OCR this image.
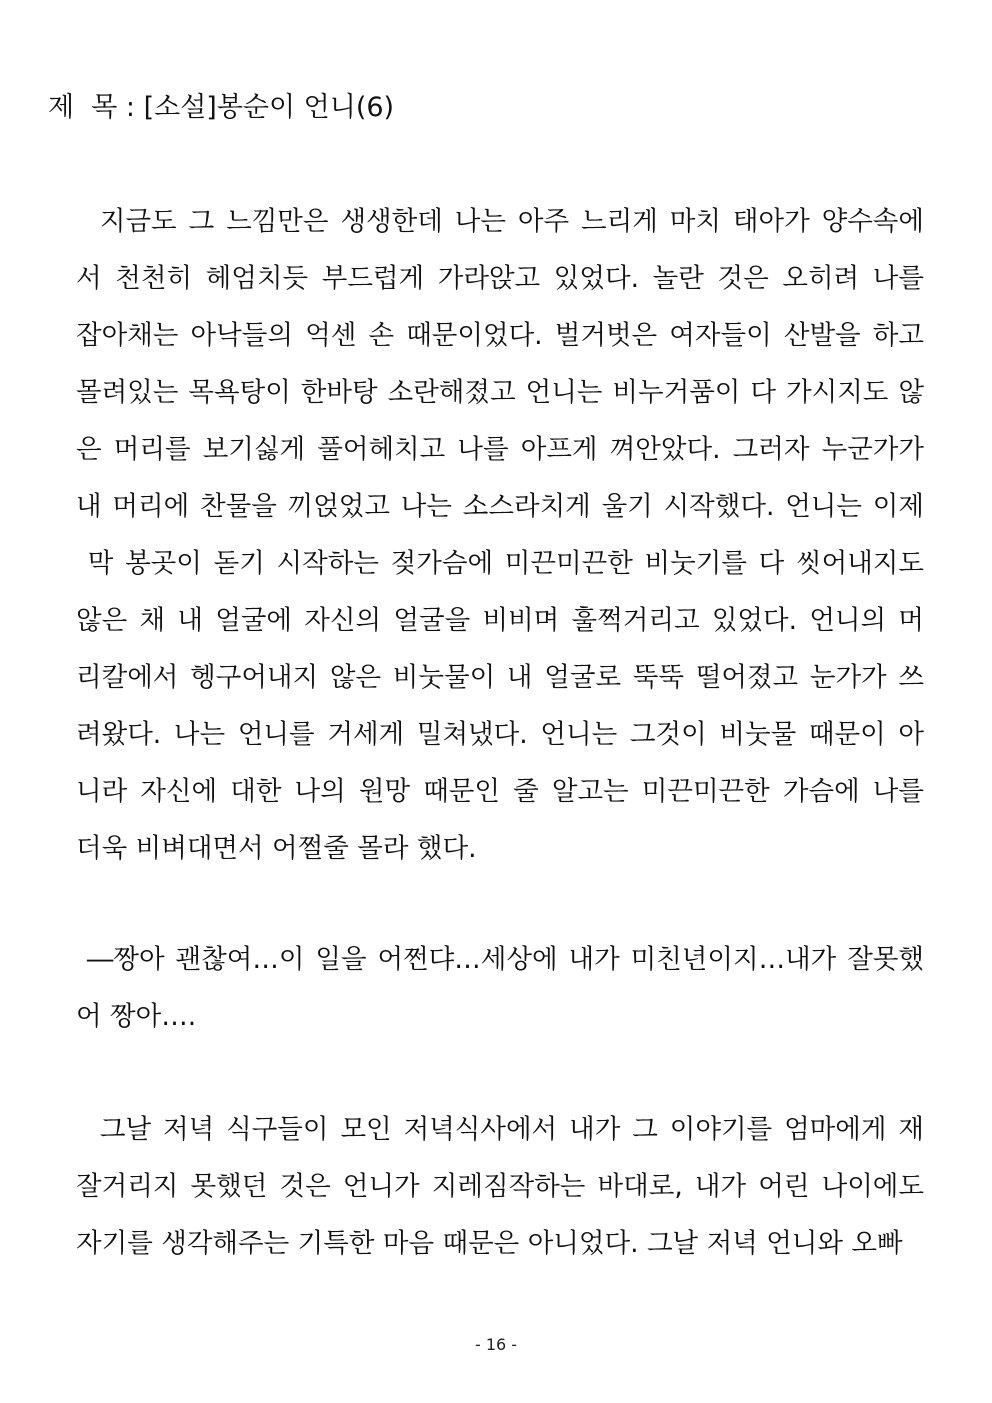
제  목 : [소설]봉순이 언니(6)
지금도 그 느낌만은 생생한데 나는 아주 느리게 마치 태아가 양수속에
서 천천히 헤엄치듯 부드럽게 가라앉고 있었다. 놀란 것은 오히려 나를
잡아채는 아낙들의 억센 손 때문이었다. 벌거벗은 여자들이 산발을 하고
몰려있는 목욕탕이 한바탕 소란해졌고 언니는 비누거품이 다 가시지도 않
은 머리를 보기싫게 풀어헤치고 나를 아프게 껴안았다. 그러자 누군가가
내 머리에 찬물을 끼얹었고 나는 소스라치게 울기 시작했다. 언니는 이제
막 봉곳이 돋기 시작하는 젖가슴에 미끈미끈한 비눗기를 다 씻어내지도
않은 채 내 얼굴에 자신의 얼굴을 비비며 훌쩍거리고 있었다. 언니의 머
리칼에서 헹구어내지 않은 비눗물이 내 얼굴로 뚝뚝 떨어졌고 눈가가 쓰
려왔다. 나는 언니를 거세게 밀쳐냈다. 언니는 그것이 비눗물 때문이 아
니라 자신에 대한 나의 원망 때문인 줄 알고는 미끈미끈한 가슴에 나를
더욱 비벼대면서 어쩔줄 몰라 했다.
―짱아 괜찮여…이 일을 어쩐댜…세상에 내가 미친년이지…내가 잘못했
어 짱아….
그날 저녁 식구들이 모인 저녁식사에서 내가 그 이야기를 엄마에게 재
잘거리지 못했던 것은 언니가 지레짐작하는 바대로, 내가 어린 나이에도
자기를 생각해주는 기특한 마음 때문은 아니었다. 그날 저녁 언니와 오빠
- 16 -
